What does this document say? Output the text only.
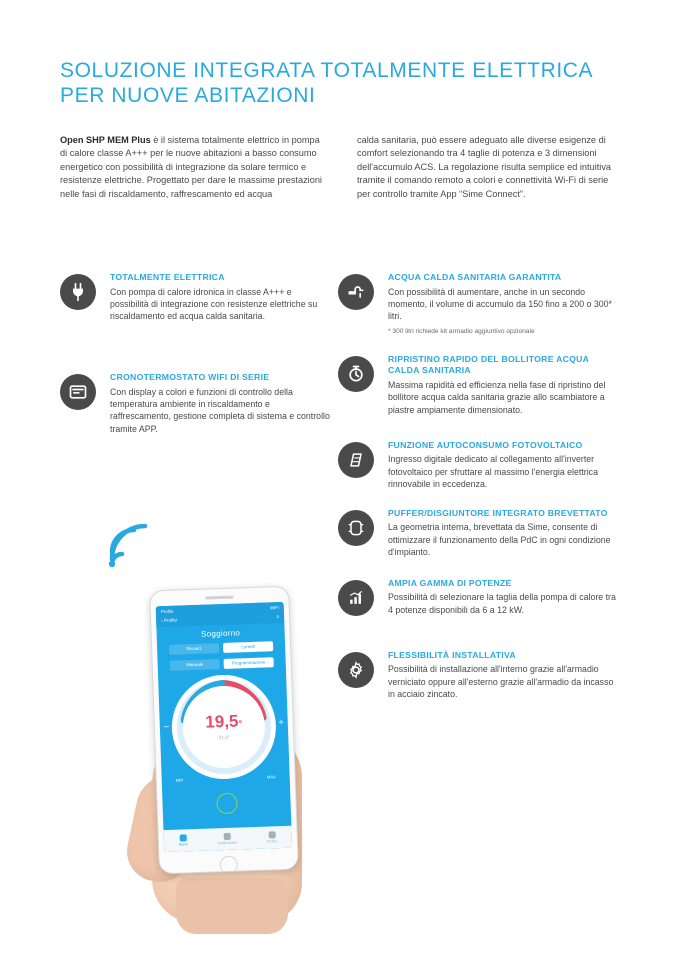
SOLUZIONE INTEGRATA TOTALMENTE ELETTRICA
PER NUOVE ABITAZIONI
Open SHP MEM Plus è il sistema totalmente elettrico in pompa di calore classe A+++ per le nuove abitazioni a basso consumo energetico con possibilità di integrazione da solare termico e resistenze elettriche. Progettato per dare le massime prestazioni nelle fasi di riscaldamento, raffrescamento ed acqua
calda sanitaria, può essere adeguato alle diverse esigenze di comfort selezionando tra 4 taglie di potenza e 3 dimensioni dell'accumulo ACS. La regolazione risulta semplice ed intuitiva tramite il comando remoto a colori e connettività Wi-Fi di serie per controllo tramite App “Sime Connect”.
TOTALMENTE ELETTRICA
Con pompa di calore idronica in classe A+++ e possibilità di integrazione con resistenze elettriche su riscaldamento ed acqua calda sanitaria.
CRONOTERMOSTATO WIFI DI SERIE
Con display a colori e funzioni di controllo della temperatura ambiente in riscaldamento e raffrescamento, gestione completa di sistema e controllo tramite APP.
ACQUA CALDA SANITARIA GARANTITA
Con possibilità di aumentare, anche in un secondo momento, il volume di accumulo da 150 fino a 200 o 300* litri.
* 300 litri richiede kit armadio aggiuntivo opzionale
RIPRISTINO RAPIDO DEL BOLLITORE ACQUA CALDA SANITARIA
Massima rapidità ed efficienza nella fase di ripristino del bollitore acqua calda sanitaria grazie allo scambiatore a piastre ampiamente dimensionato.
FUNZIONE AUTOCONSUMO FOTOVOLTAICO
Ingresso digitale dedicato al collegamento all'inverter fotovoltaico per sfruttare al massimo l'energia elettrica rinnovabile in eccedenza.
PUFFER/DISGIUNTORE INTEGRATO BREVETTATO
La geometria interna, brevettata da Sime, consente di ottimizzare il funzionamento della PdC in ogni condizione d'impianto.
AMPIA GAMMA DI POTENZE
Possibilità di selezionare la taglia della pompa di calore tra 4 potenze disponibili da 6 a 12 kW.
FLESSIBILITÀ INSTALLATIVA
Possibilità di installazione all'interno grazie all'armadio verniciato oppure all'esterno grazie all'armadio da incasso in acciaio zincato.
Profilo
WiFi
‹ Profilo
≡
Soggiorno
Riscald.	Lunedì
Manuale	Programmazione
19,5°
21,0°
–	+
MIN
MAX
Home	Notificazioni	Profilo
